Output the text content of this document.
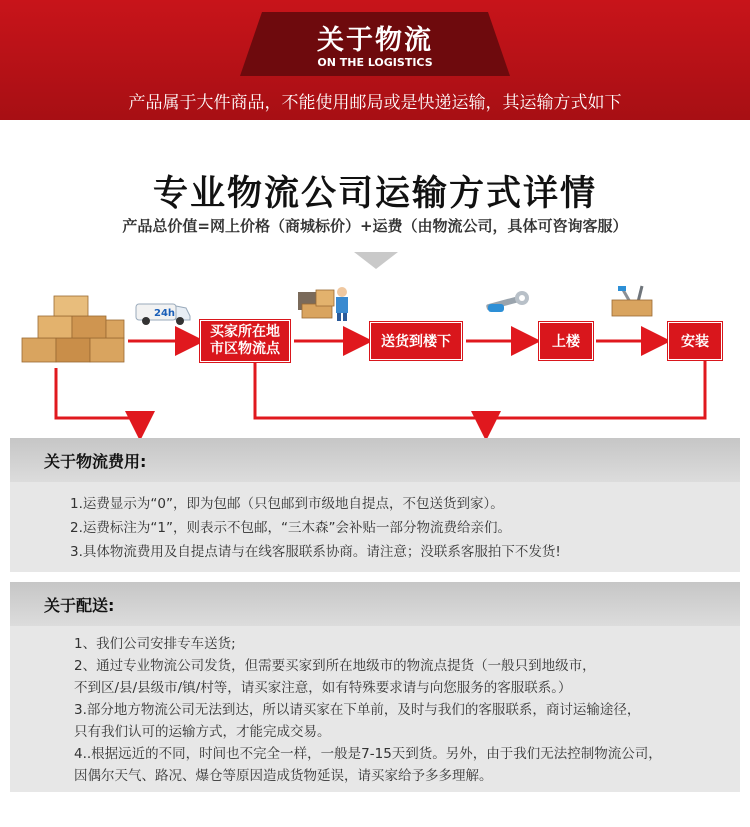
关于物流
ON THE LOGISTICS
产品属于大件商品，不能使用邮局或是快递运输，其运输方式如下
专业物流公司运输方式详情
产品总价值=网上价格（商城标价）+运费（由物流公司，具体可咨询客服）
24h
买家所在地
市区物流点	送货到楼下	上楼	安装
关于物流费用:
1.运费显示为“0”，即为包邮（只包邮到市级地自提点，不包送货到家）。
2.运费标注为“1”，则表示不包邮，“三木森”会补贴一部分物流费给亲们。
3.具体物流费用及自提点请与在线客服联系协商。请注意；没联系客服拍下不发货!
关于配送:
1、我们公司安排专车送货;
2、通过专业物流公司发货，但需要买家到所在地级市的物流点提货（一般只到地级市，
不到区/县/县级市/镇/村等，请买家注意，如有特殊要求请与向您服务的客服联系。）
3.部分地方物流公司无法到达，所以请买家在下单前，及时与我们的客服联系，商讨运输途径，
只有我们认可的运输方式，才能完成交易。
4..根据远近的不同，时间也不完全一样，一般是7-15天到货。另外，由于我们无法控制物流公司，
因偶尔天气、路况、爆仓等原因造成货物延误，请买家给予多多理解。
